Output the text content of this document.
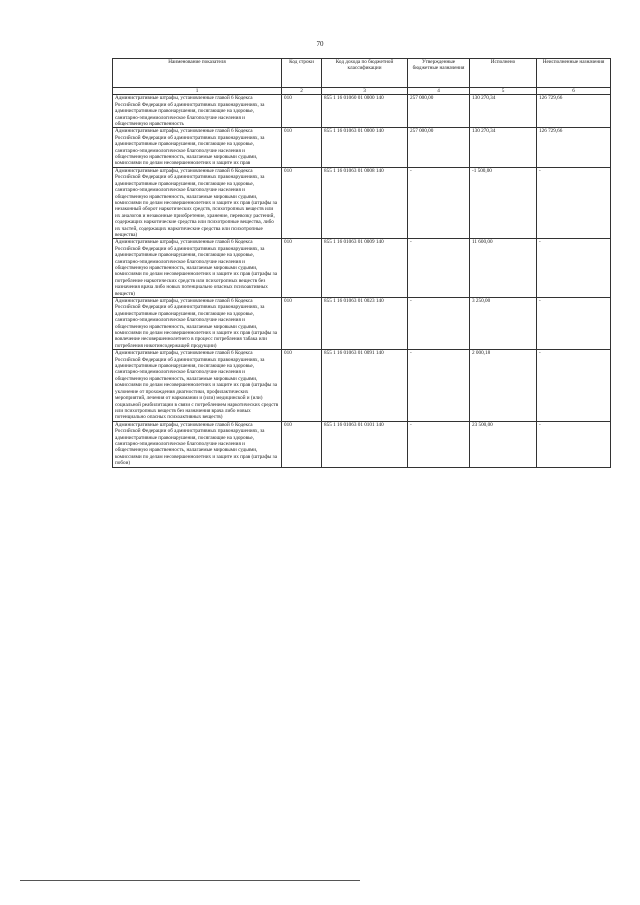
70
Наименование показателя	Код строки	Код дохода по бюджетной классификации	Утвержденные бюджетные назначения	Исполнено	Неисполненные назначения
1	2	3	4	5	6
Административные штрафы, установленные главой 6 Кодекса Российской Федерации об административных правонарушениях, за административные правонарушения, посягающие на здоровье, санитарно-эпидемиологическое благополучие населения и общественную нравственность	010	855 1 16 01060 01 0000 140	257 000,00	130 270,34	126 729,66
Административные штрафы, установленные главой 6 Кодекса Российской Федерации об административных правонарушениях, за административные правонарушения, посягающие на здоровье, санитарно-эпидемиологическое благополучие населения и общественную нравственность, налагаемые мировыми судьями, комиссиями по делам несовершеннолетних и защите их прав	010	855 1 16 01063 01 0000 140	257 000,00	130 270,34	126 729,66
Административные штрафы, установленные главой 6 Кодекса Российской Федерации об административных правонарушениях, за административные правонарушения, посягающие на здоровье, санитарно-эпидемиологическое благополучие населения и общественную нравственность, налагаемые мировыми судьями, комиссиями по делам несовершеннолетних и защите их прав (штрафы за незаконный оборот наркотических средств, психотропных веществ или их аналогов и незаконные приобретение, хранение, перевозку растений, содержащих наркотические средства или психотропные вещества, либо их частей, содержащих наркотические средства или психотропные вещества)	010	855 1 16 01063 01 0008 140	-	-1 500,00	-
Административные штрафы, установленные главой 6 Кодекса Российской Федерации об административных правонарушениях, за административные правонарушения, посягающие на здоровье, санитарно-эпидемиологическое благополучие населения и общественную нравственность, налагаемые мировыми судьями, комиссиями по делам несовершеннолетних и защите их прав (штрафы за потребление наркотических средств или психотропных веществ без назначения врача либо новых потенциально опасных психоактивных веществ)	010	855 1 16 01063 01 0009 140	-	11 600,00	-
Административные штрафы, установленные главой 6 Кодекса Российской Федерации об административных правонарушениях, за административные правонарушения, посягающие на здоровье, санитарно-эпидемиологическое благополучие населения и общественную нравственность, налагаемые мировыми судьями, комиссиями по делам несовершеннолетних и защите их прав (штрафы за вовлечение несовершеннолетнего в процесс потребления табака или потребления никотинсодержащей продукции)	010	855 1 16 01063 01 0023 140	-	3 250,00	-
Административные штрафы, установленные главой 6 Кодекса Российской Федерации об административных правонарушениях, за административные правонарушения, посягающие на здоровье, санитарно-эпидемиологическое благополучие населения и общественную нравственность, налагаемые мировыми судьями, комиссиями по делам несовершеннолетних и защите их прав (штрафы за уклонение от прохождения диагностики, профилактических мероприятий, лечения от наркомании и (или) медицинской и (или) социальной реабилитации в связи с потреблением наркотических средств или психотропных веществ без назначения врача либо новых потенциально опасных психоактивных веществ)	010	855 1 16 01063 01 0091 140	-	2 000,18	-
Административные штрафы, установленные главой 6 Кодекса Российской Федерации об административных правонарушениях, за административные правонарушения, посягающие на здоровье, санитарно-эпидемиологическое благополучие населения и общественную нравственность, налагаемые мировыми судьями, комиссиями по делам несовершеннолетних и защите их прав (штрафы за побои)	010	855 1 16 01063 01 0101 140	-	23 500,00	-
